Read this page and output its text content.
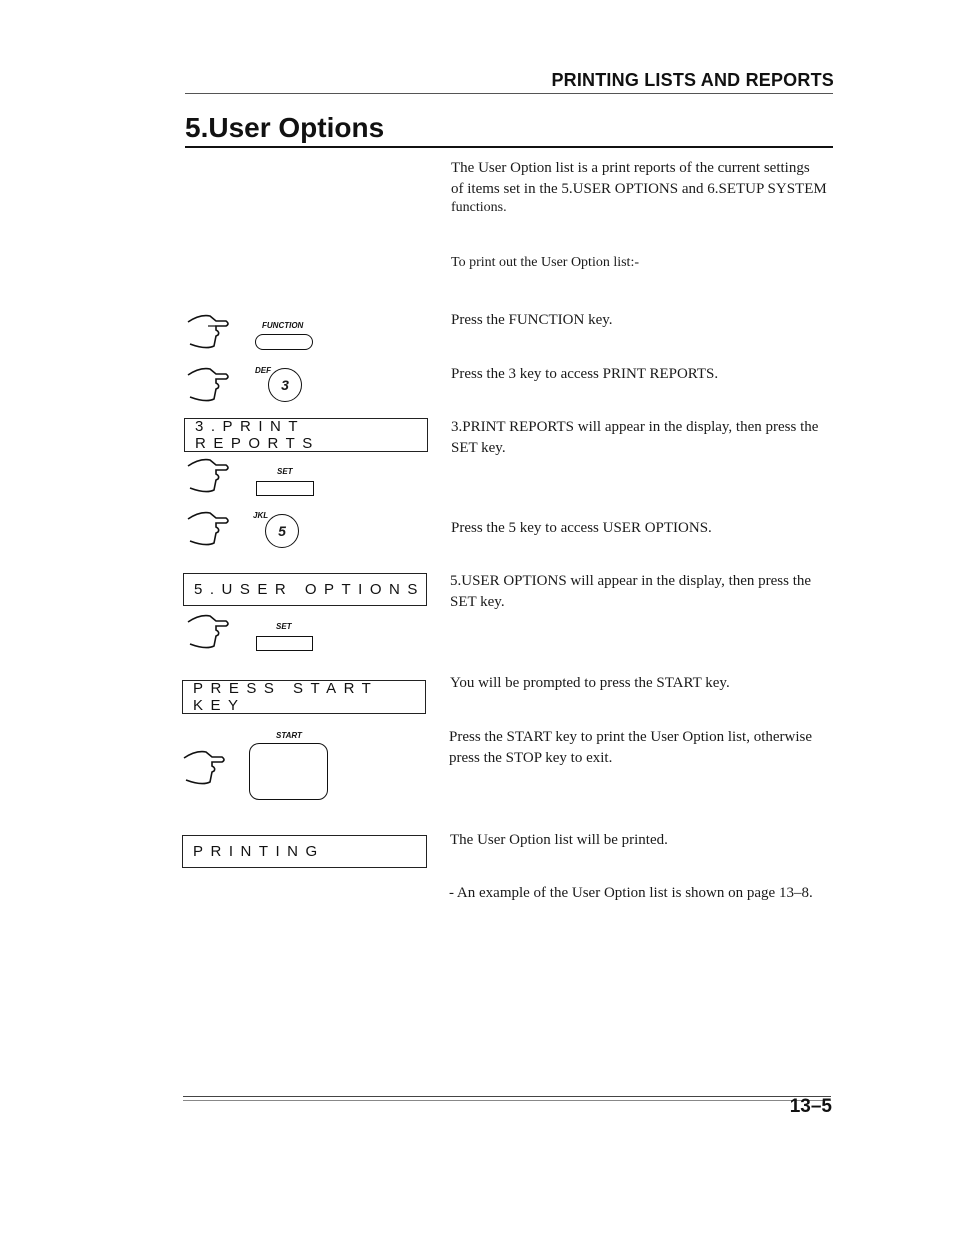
PRINTING LISTS AND REPORTS
5.User Options
The User Option list is a print reports of the current settings
of items set in the 5.USER OPTIONS and 6.SETUP SYSTEM
functions.
To print out the User Option list:-
Press the FUNCTION key.
Press the 3 key to access PRINT REPORTS.
3.PRINT REPORTS will appear in the display, then press the
SET key.
Press the 5 key to access USER OPTIONS.
5.USER OPTIONS will appear in the display, then press the
SET key.
You will be prompted to press the START key.
Press the START key to print the User Option list, otherwise
press the STOP key to exit.
The User Option list will be printed.
- An example of the User Option list is shown on page 13–8.
FUNCTION
DEF
3
3.PRINT REPORTS
SET
JKL
5
5.USER OPTIONS
SET
PRESS START KEY
START
PRINTING
13–5
